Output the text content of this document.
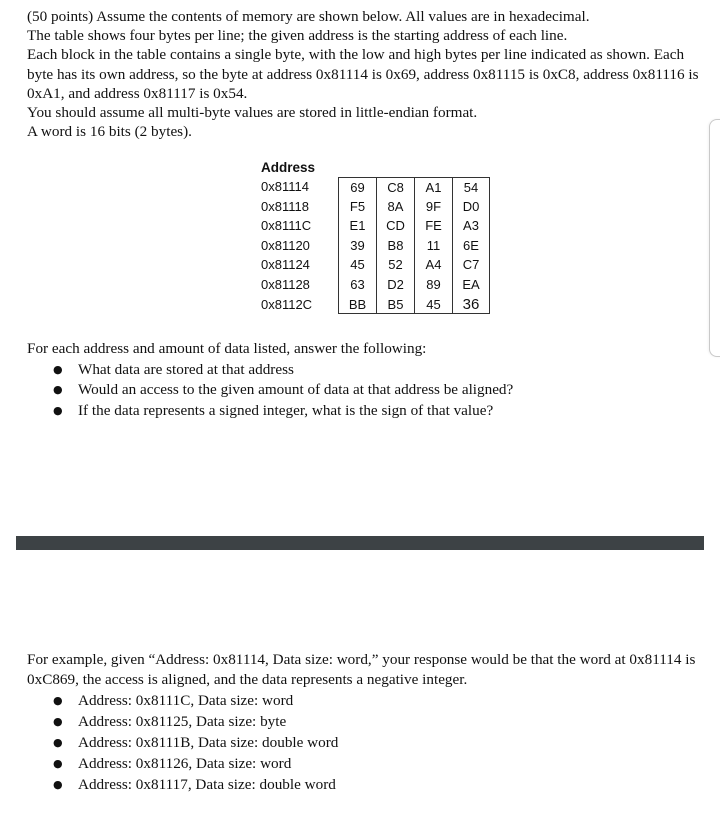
(50 points) Assume the contents of memory are shown below. All values are in hexadecimal.

The table shows four bytes per line; the given address is the starting address of each line.

Each block in the table contains a single byte, with the low and high bytes per line indicated as shown. Each byte has its own address, so the byte at address 0x81114 is 0x69, address 0x81115 is 0xC8, address 0x81116 is 0xA1, and address 0x81117 is 0x54.

You should assume all multi-byte values are stored in little-endian format.

A word is 16 bits (2 bytes).

Address
0x81114	69	C8	A1	54
0x81118	F5	8A	9F	D0
0x8111C	E1	CD	FE	A3
0x81120	39	B8	11	6E
0x81124	45	52	A4	C7
0x81128	63	D2	89	EA
0x8112C	BB	B5	45	36

For each address and amount of data listed, answer the following:

● What data are stored at that address
● Would an access to the given amount of data at that address be aligned?
● If the data represents a signed integer, what is the sign of that value?

For example, given “Address: 0x81114, Data size: word,” your response would be that the word at 0x81114 is 0xC869, the access is aligned, and the data represents a negative integer.

● Address: 0x8111C, Data size: word
● Address: 0x81125, Data size: byte
● Address: 0x8111B, Data size: double word
● Address: 0x81126, Data size: word
● Address: 0x81117, Data size: double word
